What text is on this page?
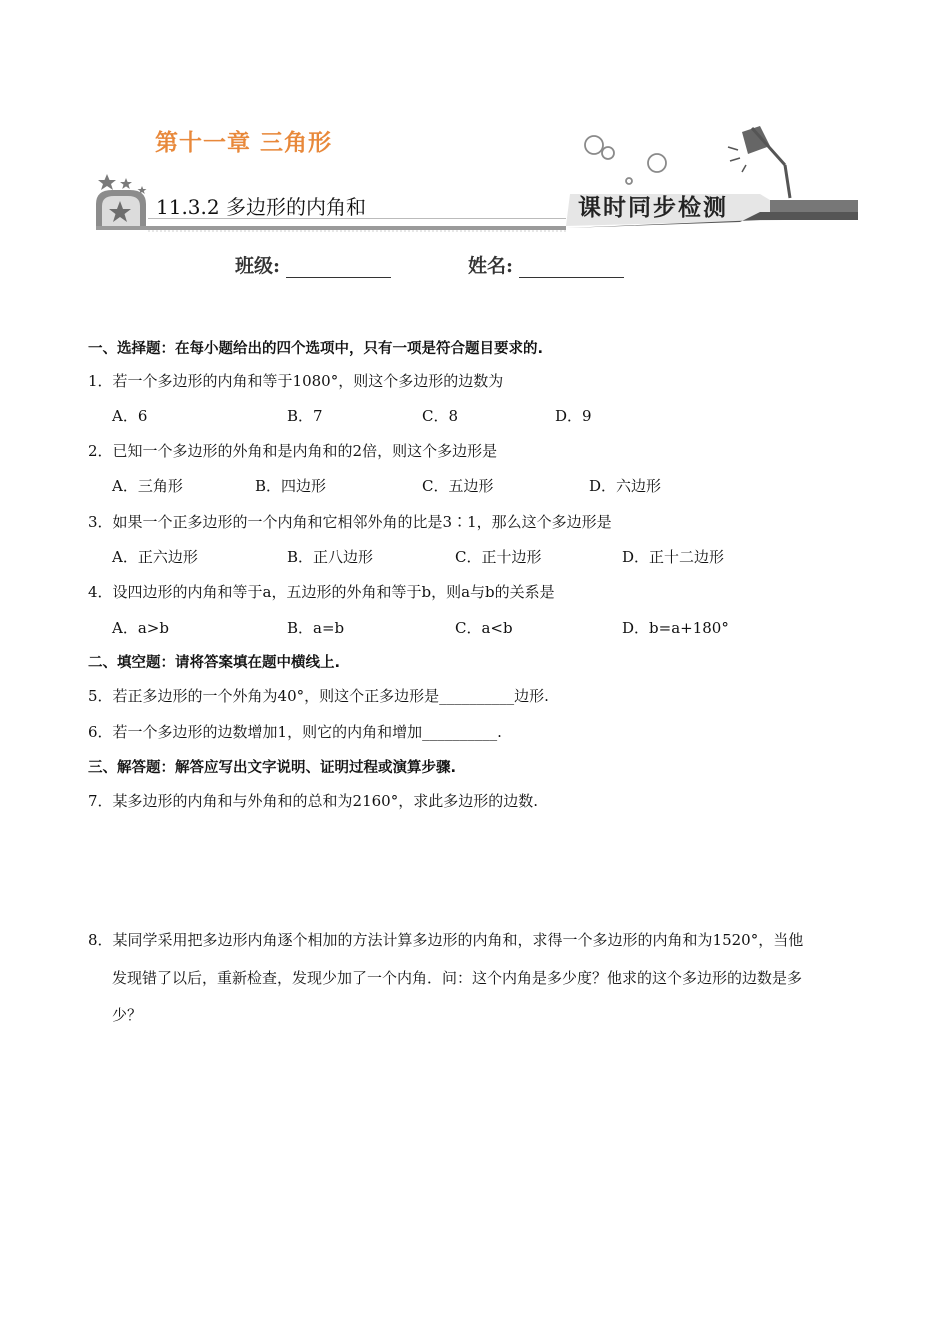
第十一章 三角形
11.3.2 多边形的内角和	课时同步检测
班级:	姓名:
一、选择题：在每小题给出的四个选项中，只有一项是符合题目要求的.
1．若一个多边形的内角和等于1080°，则这个多边形的边数为
A．6	B．7	C．8	D．9
2．已知一个多边形的外角和是内角和的2倍，则这个多边形是
A．三角形	B．四边形	C．五边形	D．六边形
3．如果一个正多边形的一个内角和它相邻外角的比是3∶1，那么这个多边形是
A．正六边形	B．正八边形	C．正十边形	D．正十二边形
4．设四边形的内角和等于a，五边形的外角和等于b，则a与b的关系是
A．a>b	B．a=b	C．a<b	D．b=a+180°
二、填空题：请将答案填在题中横线上.
5．若正多边形的一个外角为40°，则这个正多边形是__________边形.
6．若一个多边形的边数增加1，则它的内角和增加__________.
三、解答题：解答应写出文字说明、证明过程或演算步骤.
7．某多边形的内角和与外角和的总和为2160°，求此多边形的边数.
8．某同学采用把多边形内角逐个相加的方法计算多边形的内角和，求得一个多边形的内角和为1520°，当他
发现错了以后，重新检查，发现少加了一个内角．问：这个内角是多少度？他求的这个多边形的边数是多
少？
